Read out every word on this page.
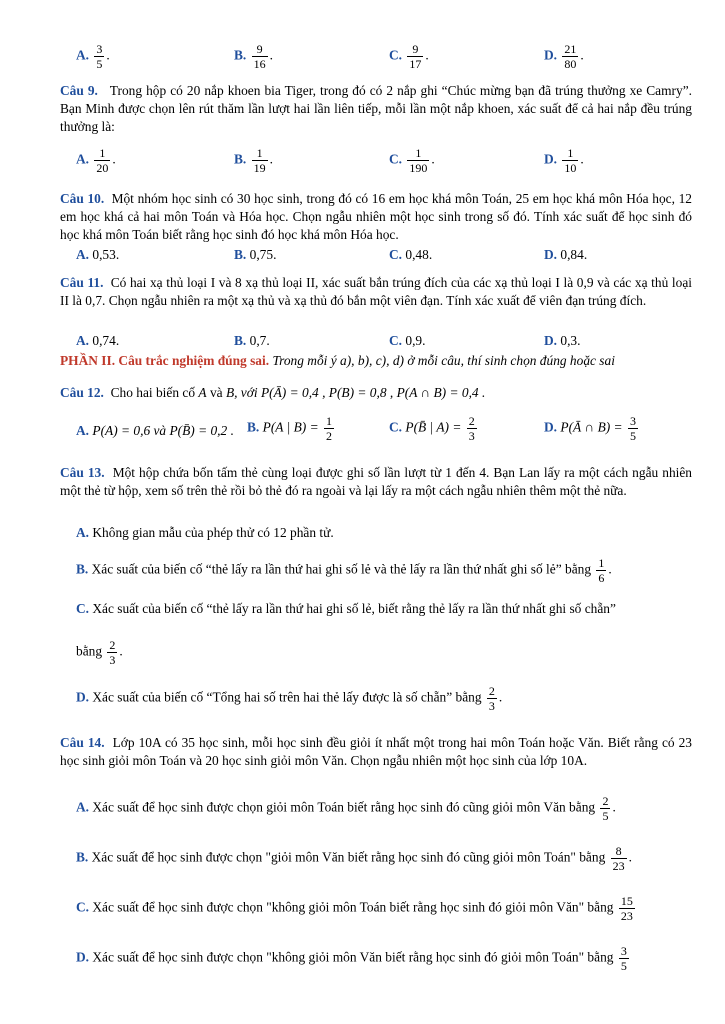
A. $\frac{3}{5}$ .	B. $\frac{9}{16}$ .	C. $\frac{9}{17}$ .	D. $\frac{21}{80}$ .
Câu 9. Trong hộp có 20 nắp khoen bia Tiger, trong đó có 2 nắp ghi “Chúc mừng bạn đã trúng thưởng xe Camry”. Bạn Minh được chọn lên rút thăm lần lượt hai lần liên tiếp, mỗi lần một nắp khoen, xác suất để cả hai nắp đều trúng thưởng là:
A. $\frac{1}{20}$ .	B. $\frac{1}{19}$ .	C. $\frac{1}{190}$ .	D. $\frac{1}{10}$ .
Câu 10. Một nhóm học sinh có 30 học sinh, trong đó có 16 em học khá môn Toán, 25 em học khá môn Hóa học, 12 em học khá cả hai môn Toán và Hóa học. Chọn ngẫu nhiên một học sinh trong số đó. Tính xác suất để học sinh đó học khá môn Toán biết rằng học sinh đó học khá môn Hóa học.
A. 0,53.	B. 0,75.	C. 0,48.	D. 0,84.
Câu 11. Có hai xạ thủ loại I và 8 xạ thủ loại II, xác suất bắn trúng đích của các xạ thủ loại I là 0,9 và các xạ thủ loại II là 0,7. Chọn ngẫu nhiên ra một xạ thủ và xạ thủ đó bắn một viên đạn. Tính xác xuất để viên đạn trúng đích.
A. 0,74.	B. 0,7.	C. 0,9.	D. 0,3.
PHẦN II. Câu trắc nghiệm đúng sai. Trong mỗi ý a), b), c), d) ở mỗi câu, thí sinh chọn đúng hoặc sai
Câu 12. Cho hai biến cố A và B, với P(Ā) = 0,4 , P(B) = 0,8 , P(A ∩ B) = 0,4 .
A. P(A) = 0,6 và P(B̄) = 0,2 . B. P(A | $B) = \frac{1}{2}$	C. P(B̄ | $A) = \frac{2}{3}$	D. P(Ā ∩ $B) = \frac{3}{5}$
Câu 13. Một hộp chứa bốn tấm thẻ cùng loại được ghi số lần lượt từ 1 đến 4. Bạn Lan lấy ra một cách ngẫu nhiên một thẻ từ hộp, xem số trên thẻ rồi bỏ thẻ đó ra ngoài và lại lấy ra một cách ngẫu nhiên thêm một thẻ nữa.
A. Không gian mẫu của phép thử có 12 phần tử.
B. Xác suất của biến cố “thẻ lấy ra lần thứ hai ghi số lẻ và thẻ lấy ra lần thứ nhất ghi số lẻ” bằng $\frac{1}{6}$ .
C. Xác suất của biến cố “thẻ lấy ra lần thứ hai ghi số lẻ, biết rằng thẻ lấy ra lần thứ nhất ghi số chẵn”
bằng $\frac{2}{3}$ .
D. Xác suất của biến cố “Tổng hai số trên hai thẻ lấy được là số chẵn” bằng $\frac{2}{3}$ .
Câu 14. Lớp 10A có 35 học sinh, mỗi học sinh đều giỏi ít nhất một trong hai môn Toán hoặc Văn. Biết rằng có 23 học sinh giỏi môn Toán và 20 học sinh giỏi môn Văn. Chọn ngẫu nhiên một học sinh của lớp 10A.
A. Xác suất để học sinh được chọn giỏi môn Toán biết rằng học sinh đó cũng giỏi môn Văn bằng $\frac{2}{5}$ .
B. Xác suất để học sinh được chọn "giỏi môn Văn biết rằng học sinh đó cũng giỏi môn Toán" bằng $\frac{8}{23}$ .
C. Xác suất để học sinh được chọn "không giỏi môn Toán biết rằng học sinh đó giỏi môn Văn" bằng $\frac{15}{23}$
D. Xác suất để học sinh được chọn "không giỏi môn Văn biết rằng học sinh đó giỏi môn Toán" bằng $\frac{3}{5}$
